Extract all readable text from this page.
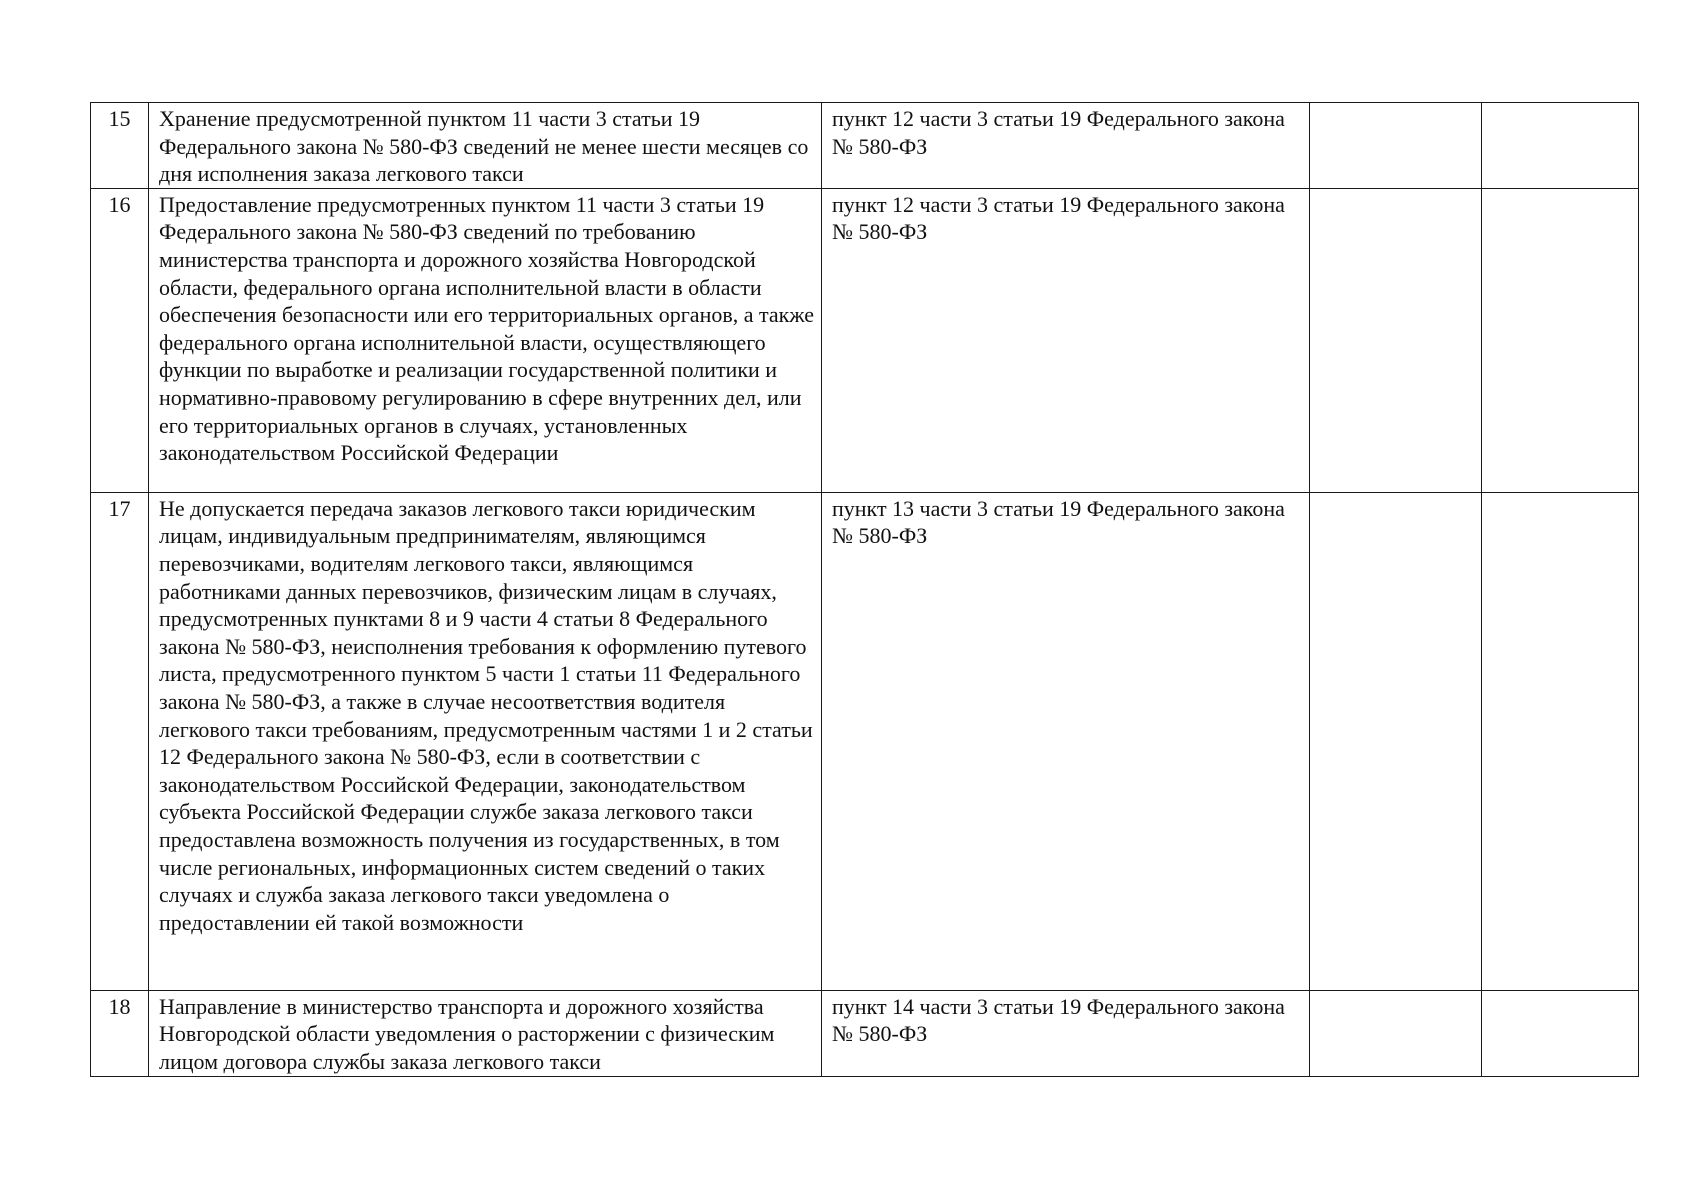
15	Хранение предусмотренной пунктом 11 части 3 статьи 19 Федерального закона № 580-ФЗ сведений не менее шести месяцев со дня исполнения заказа легкового такси	пункт 12 части 3 статьи 19 Федерального закона № 580-ФЗ		
16	Предоставление предусмотренных пунктом 11 части 3 статьи 19 Федерального закона № 580-ФЗ сведений по требованию министерства транспорта и дорожного хозяйства Новгородской области, федерального органа исполнительной власти в области обеспечения безопасности или его территориальных органов, а также федерального органа исполнительной власти, осуществляющего функции по выработке и реализации государственной политики и нормативно-правовому регулированию в сфере внутренних дел, или его территориальных органов в случаях, установленных законодательством Российской Федерации	пункт 12 части 3 статьи 19 Федерального закона № 580-ФЗ		
17	Не допускается передача заказов легкового такси юридическим лицам, индивидуальным предпринимателям, являющимся перевозчиками, водителям легкового такси, являющимся работниками данных перевозчиков, физическим лицам в случаях, предусмотренных пунктами 8 и 9 части 4 статьи 8 Федерального закона № 580-ФЗ, неисполнения требования к оформлению путевого листа, предусмотренного пунктом 5 части 1 статьи 11 Федерального закона № 580-ФЗ, а также в случае несоответствия водителя легкового такси требованиям, предусмотренным частями 1 и 2 статьи 12 Федерального закона № 580-ФЗ, если в соответствии с законодательством Российской Федерации, законодательством субъекта Российской Федерации службе заказа легкового такси предоставлена возможность получения из государственных, в том числе региональных, информационных систем сведений о таких случаях и служба заказа легкового такси уведомлена о предоставлении ей такой возможности	пункт 13 части 3 статьи 19 Федерального закона № 580-ФЗ		
18	Направление в министерство транспорта и дорожного хозяйства Новгородской области уведомления о расторжении с физическим лицом договора службы заказа легкового такси	пункт 14 части 3 статьи 19 Федерального закона № 580-ФЗ		
